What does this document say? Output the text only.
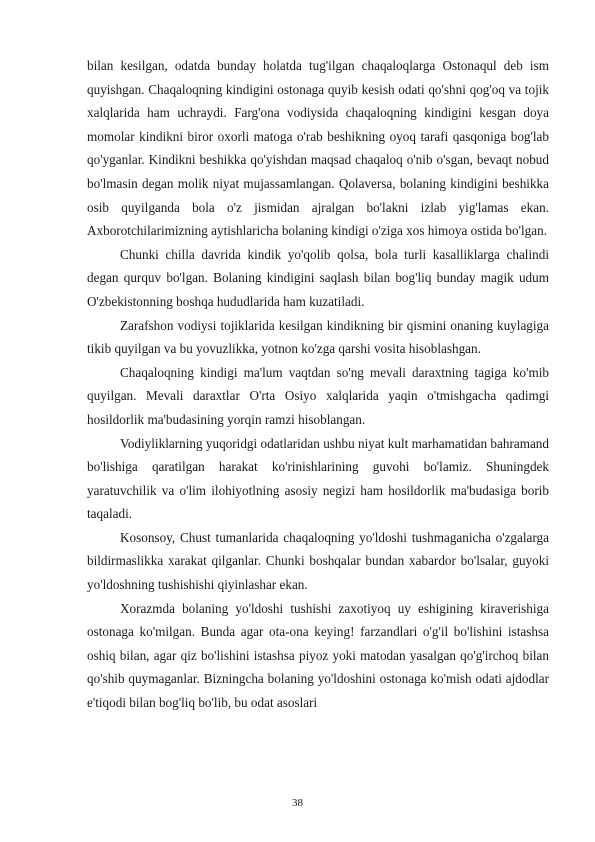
bilan kesilgan, odatda bunday holatda tug'ilgan chaqaloqlarga Ostonaqul deb ism quyishgan. Chaqaloqning kindigini ostonaga quyib kesish odati qo'shni qog'oq va tojik xalqlarida ham uchraydi. Farg'ona vodiysida chaqaloqning kindigini kesgan doya momolar kindikni biror oxorli matoga o'rab beshikning oyoq tarafi qasqoniga bog'lab qo'yganlar. Kindikni beshikka qo'yishdan maqsad chaqaloq o'nib o'sgan, bevaqt nobud bo'lmasin degan molik niyat mujassamlangan. Qolaversa, bolaning kindigini beshikka osib quyilganda bola o'z jismidan ajralgan bo'lakni izlab yig'lamas ekan. Axborotchilarimizning aytishlaricha bolaning kindigi o'ziga xos himoya ostida bo'lgan.

Chunki chilla davrida kindik yo'qolib qolsa, bola turli kasalliklarga chalindi degan qurquv bo'lgan. Bolaning kindigini saqlash bilan bog'liq bunday magik udum O'zbekistonning boshqa hududlarida ham kuzatiladi.

Zarafshon vodiysi tojiklarida kesilgan kindikning bir qismini onaning kuylagiga tikib quyilgan va bu yovuzlikka, yotnon ko'zga qarshi vosita hisoblashgan.

Chaqaloqning kindigi ma'lum vaqtdan so'ng mevali daraxtning tagiga ko'mib quyilgan. Mevali daraxtlar O'rta Osiyo xalqlarida yaqin o'tmishgacha qadimgi hosildorlik ma'budasining yorqin ramzi hisoblangan.

Vodiyliklarning yuqoridgi odatlaridan ushbu niyat kult marhamatidan bahramand bo'lishiga qaratilgan harakat ko'rinishlarining guvohi bo'lamiz. Shuningdek yaratuvchilik va o'lim ilohiyotlning asosiy negizi ham hosildorlik ma'budasiga borib taqaladi.

Kosonsoy, Chust tumanlarida chaqaloqning yo'ldoshi tushmaganicha o'zgalarga bildirmaslikka xarakat qilganlar. Chunki boshqalar bundan xabardor bo'lsalar, guyoki yo'ldoshning tushishishi qiyinlashar ekan.

Xorazmda bolaning yo'ldoshi tushishi zaxotiyoq uy eshigining kiraverishiga ostonaga ko'milgan. Bunda agar ota-ona keying! farzandlari o'g'il bo'lishini istashsa oshiq bilan, agar qiz bo'lishini istashsa piyoz yoki matodan yasalgan qo'g'irchoq bilan qo'shib quymaganlar. Bizningcha bolaning yo'ldoshini ostonaga ko'mish odati ajdodlar e'tiqodi bilan bog'liq bo'lib, bu odat asoslari

38
